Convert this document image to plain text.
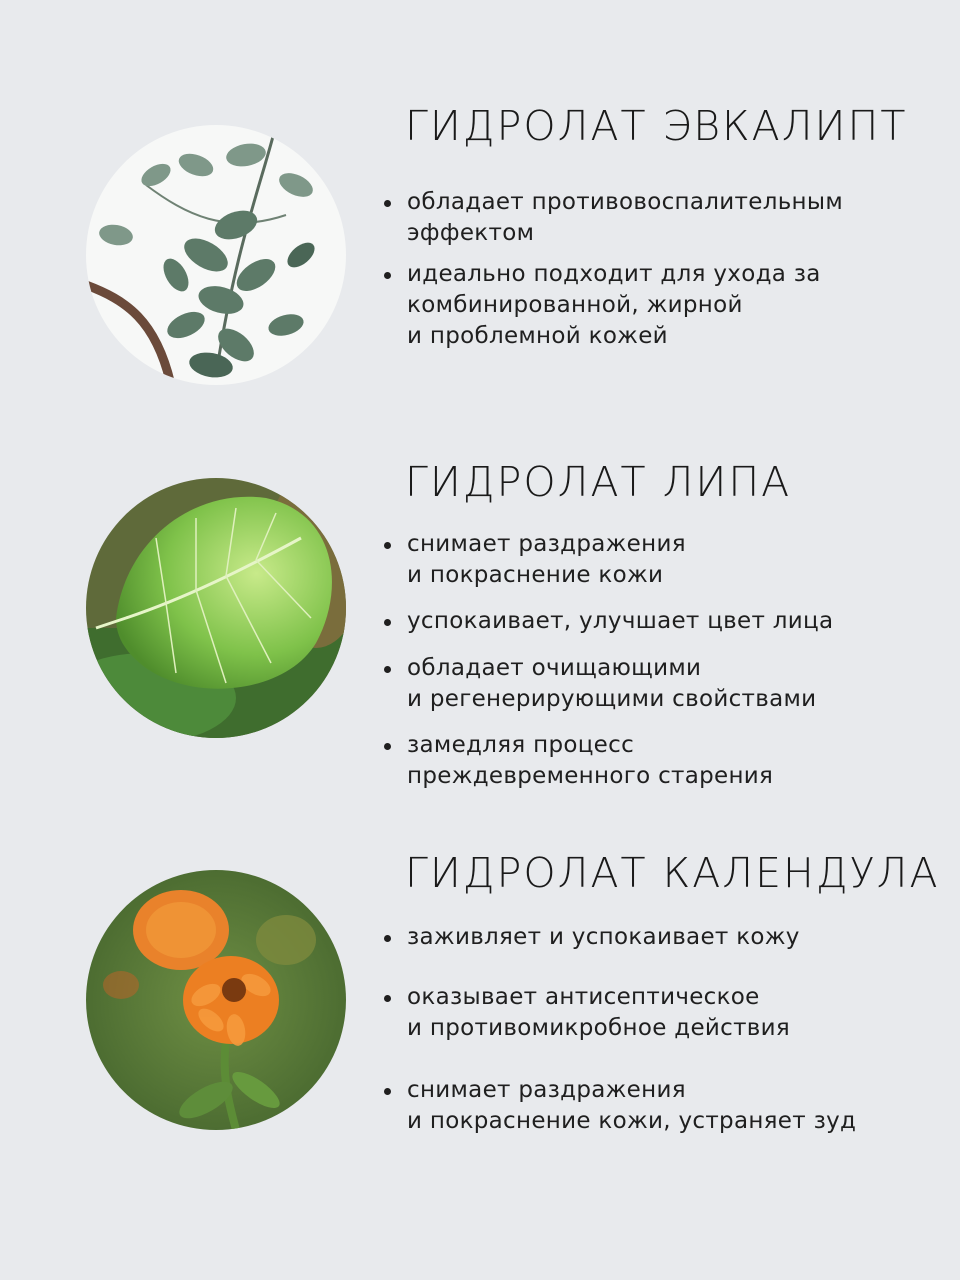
ГИДРОЛАТ ЭВКАЛИПТ
обладает противовоспалительным
эффектом
идеально подходит для ухода за
комбинированной, жирной
и проблемной кожей
ГИДРОЛАТ ЛИПА
снимает раздражения
и покраснение кожи
успокаивает, улучшает цвет лица
обладает очищающими
и регенерирующими свойствами
замедляя процесс
преждевременного старения
ГИДРОЛАТ КАЛЕНДУЛА
заживляет и успокаивает кожу
оказывает антисептическое
и противомикробное действия
снимает раздражения
и покраснение кожи, устраняет зуд
